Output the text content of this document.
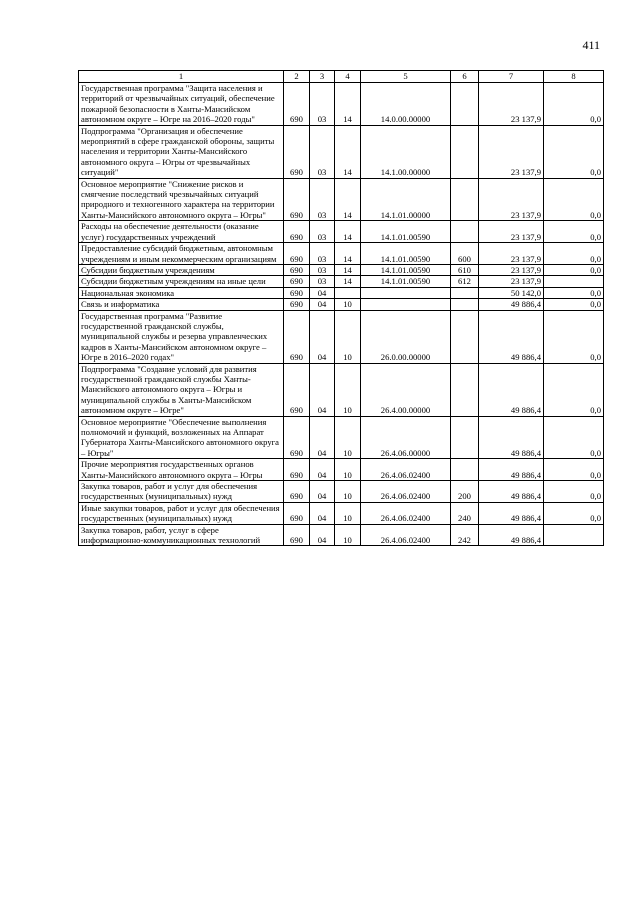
411
1	2	3	4	5	6	7	8
Государственная программа "Защита населения и территорий от чрезвычайных ситуаций, обеспечение пожарной безопасности в Ханты-Мансийском автономном округе – Югре на 2016–2020 годы"	690	03	14	14.0.00.00000		23 137,9	0,0
Подпрограмма "Организация и обеспечение мероприятий в сфере гражданской обороны, защиты населения и территории Ханты-Мансийского автономного округа – Югры от чрезвычайных ситуаций"	690	03	14	14.1.00.00000		23 137,9	0,0
Основное мероприятие "Снижение рисков и смягчение последствий чрезвычайных ситуаций природного и техногенного характера на территории Ханты-Мансийского автономного округа – Югры"	690	03	14	14.1.01.00000		23 137,9	0,0
Расходы на обеспечение деятельности (оказание услуг) государственных учреждений	690	03	14	14.1.01.00590		23 137,9	0,0
Предоставление субсидий бюджетным, автономным учреждениям и иным некоммерческим организациям	690	03	14	14.1.01.00590	600	23 137,9	0,0
Субсидии бюджетным учреждениям	690	03	14	14.1.01.00590	610	23 137,9	0,0
Субсидии бюджетным учреждениям на иные цели	690	03	14	14.1.01.00590	612	23 137,9	
Национальная экономика	690	04				50 142,0	0,0
Связь и информатика	690	04	10			49 886,4	0,0
Государственная программа "Развитие государственной гражданской службы, муниципальной службы и резерва управленческих кадров в Ханты-Мансийском автономном округе – Югре в 2016–2020 годах"	690	04	10	26.0.00.00000		49 886,4	0,0
Подпрограмма "Создание условий для развития государственной гражданской службы Ханты-Мансийского автономного округа – Югры и муниципальной службы в Ханты-Мансийском автономном округе – Югре"	690	04	10	26.4.00.00000		49 886,4	0,0
Основное мероприятие "Обеспечение выполнения полномочий и функций, возложенных на Аппарат Губернатора Ханты-Мансийского автономного округа – Югры"	690	04	10	26.4.06.00000		49 886,4	0,0
Прочие мероприятия государственных органов Ханты-Мансийского автономного округа – Югры	690	04	10	26.4.06.02400		49 886,4	0,0
Закупка товаров, работ и услуг для обеспечения государственных (муниципальных) нужд	690	04	10	26.4.06.02400	200	49 886,4	0,0
Иные закупки товаров, работ и услуг для обеспечения государственных (муниципальных) нужд	690	04	10	26.4.06.02400	240	49 886,4	0,0
Закупка товаров, работ, услуг в сфере информационно-коммуникационных технологий	690	04	10	26.4.06.02400	242	49 886,4	
